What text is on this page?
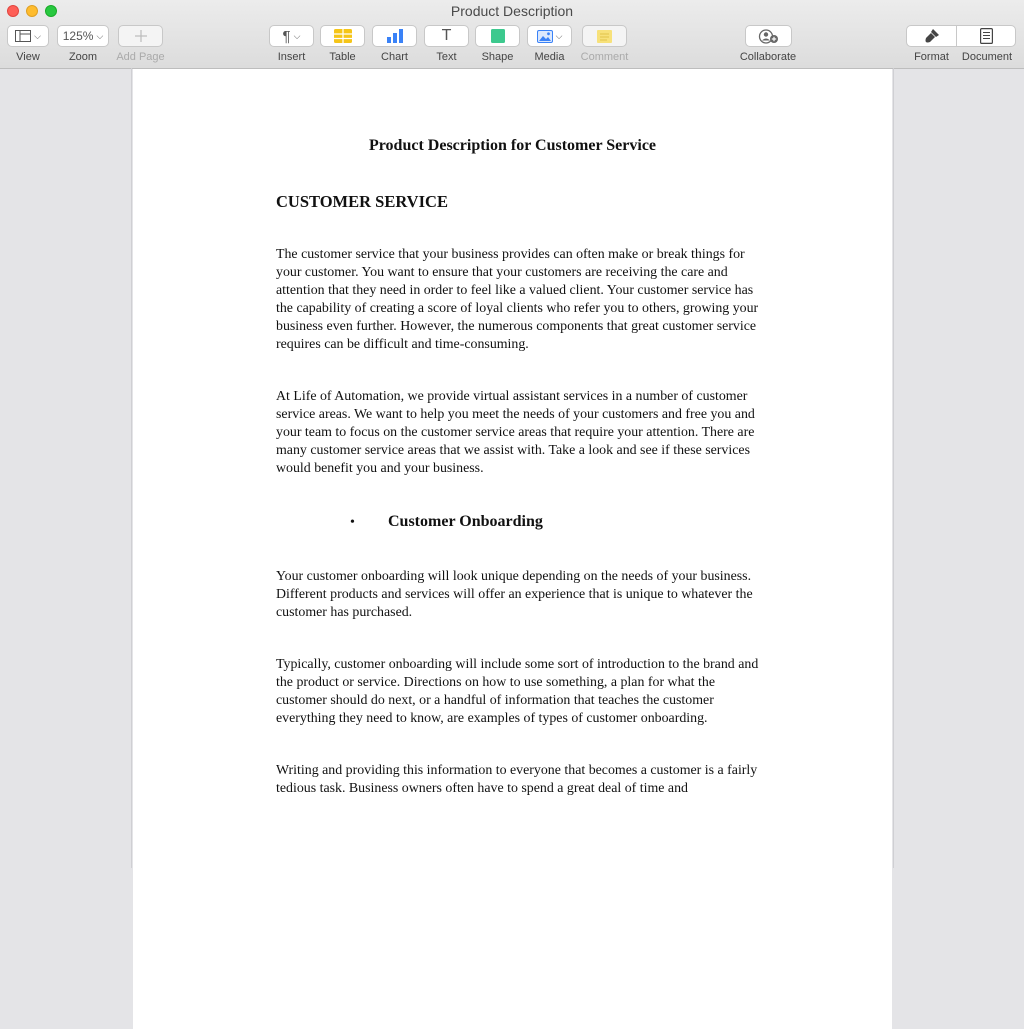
Product Description
⌵
View
125% ⌵
Zoom	Add Page
¶ ⌵
Insert	Table	Chart
T
Text	Shape
⌵
Media	Comment	Collaborate	Format	Document
Product Description for Customer Service
CUSTOMER SERVICE

The customer service that your business provides can often make or break things for your customer. You want to ensure that your customers are receiving the care and attention that they need in order to feel like a valued client. Your customer service has the capability of creating a score of loyal clients who refer you to others, growing your business even further. However, the numerous components that great customer service requires can be difficult and time-consuming.

At Life of Automation, we provide virtual assistant services in a number of customer service areas. We want to help you meet the needs of your customers and free you and your team to focus on the customer service areas that require your attention. There are many customer service areas that we assist with. Take a look and see if these services would benefit you and your business.

• Customer Onboarding

Your customer onboarding will look unique depending on the needs of your business. Different products and services will offer an experience that is unique to whatever the customer has purchased.

Typically, customer onboarding will include some sort of introduction to the brand and the product or service. Directions on how to use something, a plan for what the customer should do next, or a handful of information that teaches the customer everything they need to know, are examples of types of customer onboarding.

Writing and providing this information to everyone that becomes a customer is a fairly tedious task. Business owners often have to spend a great deal of time and
